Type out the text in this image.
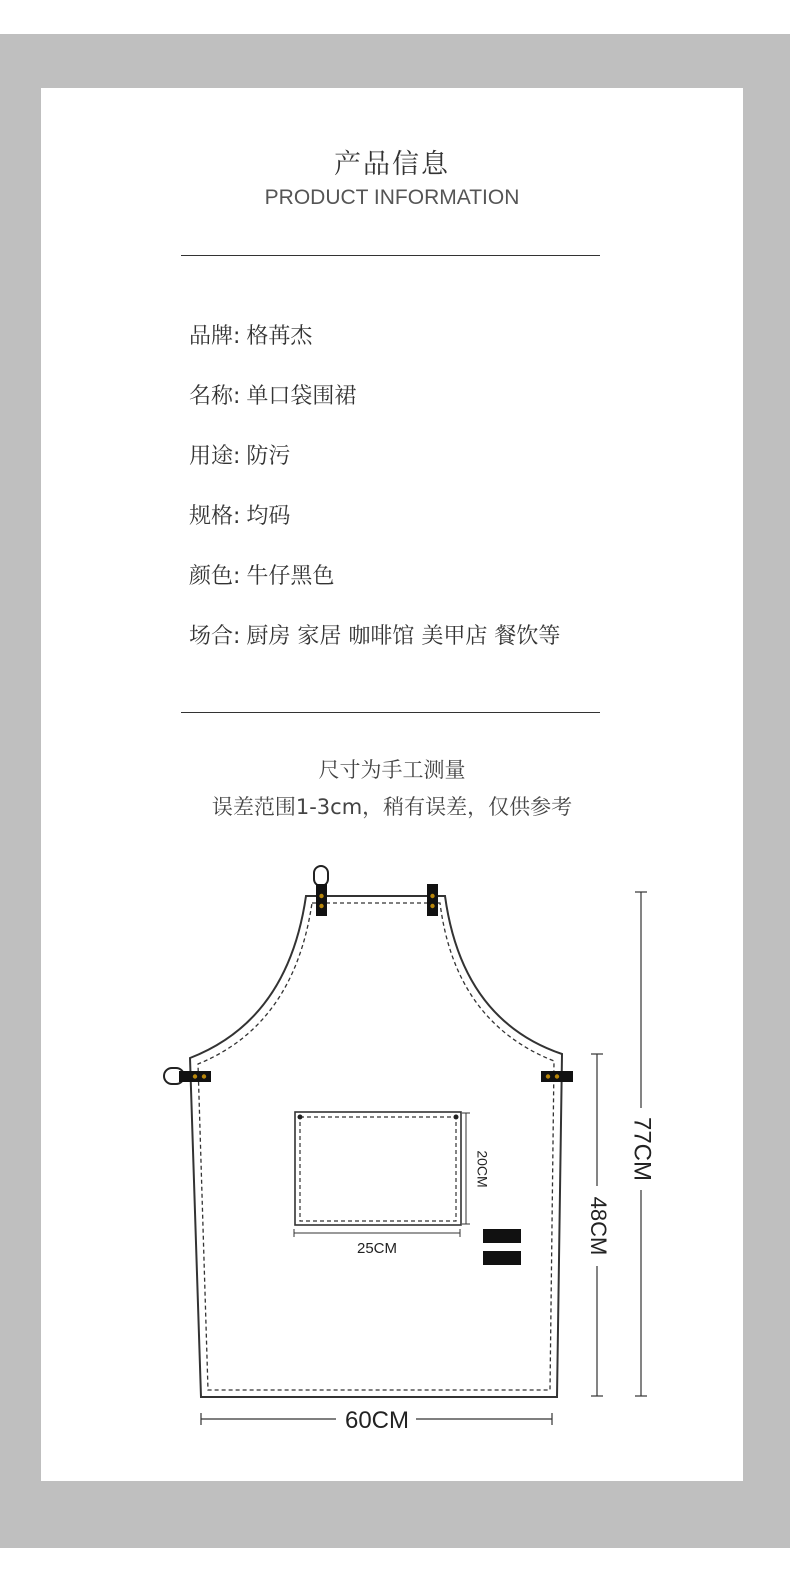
产品信息
PRODUCT INFORMATION
品牌: 格苒杰
名称: 单口袋围裙
用途: 防污
规格: 均码
颜色: 牛仔黑色
场合: 厨房 家居 咖啡馆 美甲店 餐饮等
尺寸为手工测量
误差范围1-3cm，稍有误差，仅供参考
20CM
25CM	48CM
77CM
60CM
